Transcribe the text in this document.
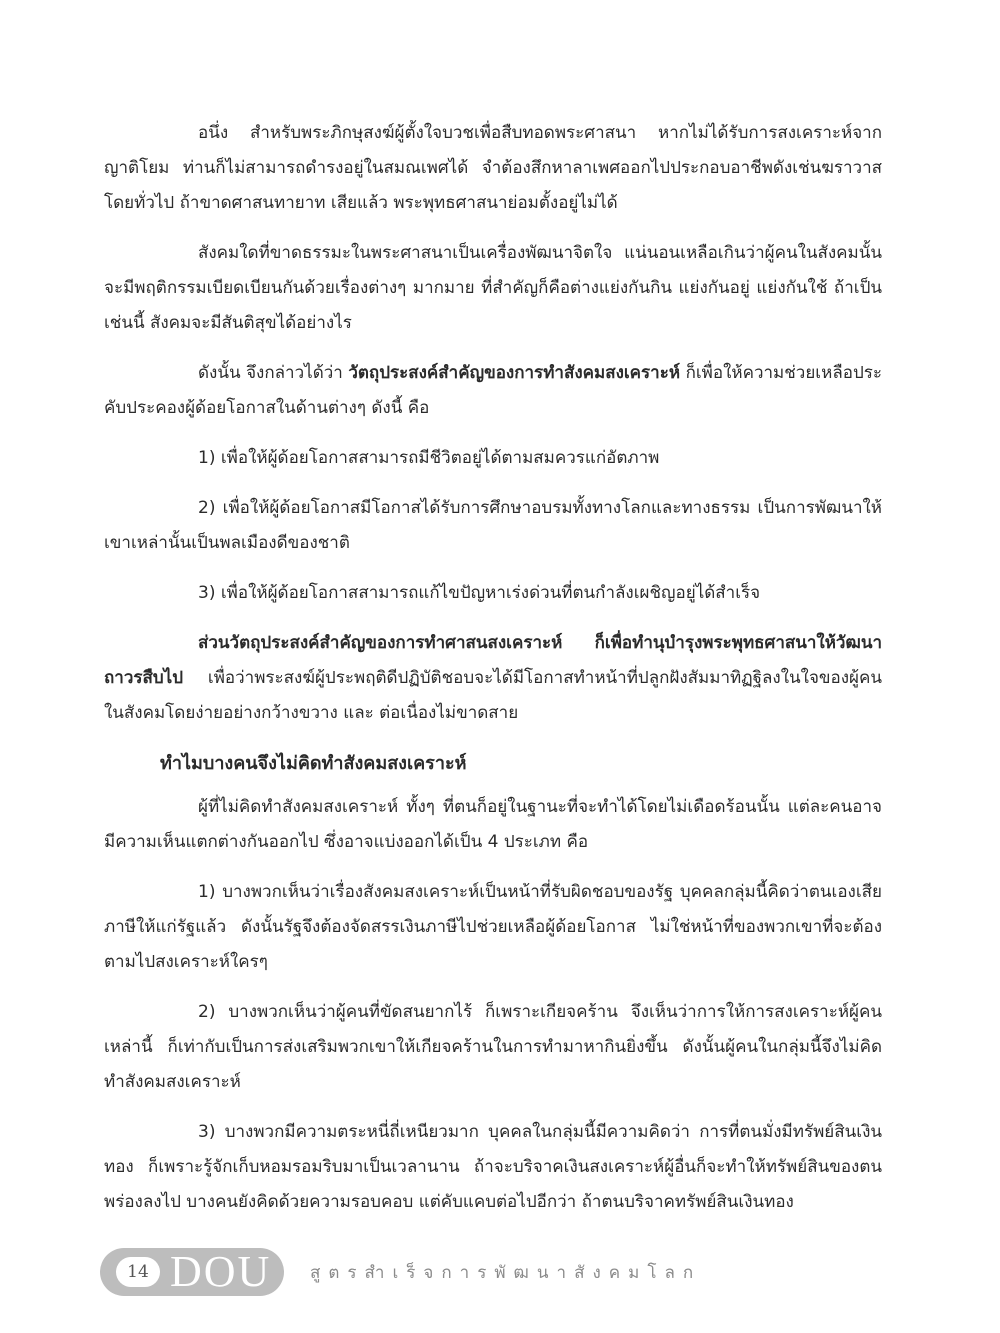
อนึ่ง สำหรับพระภิกษุสงฆ์ผู้ตั้งใจบวชเพื่อสืบทอดพระศาสนา หากไม่ได้รับการสงเคราะห์จากญาติโยม ท่านก็ไม่สามารถดำรงอยู่ในสมณเพศได้ จำต้องสึกหาลาเพศออกไปประกอบอาชีพดังเช่นฆราวาสโดยทั่วไป ถ้าขาดศาสนทายาท เสียแล้ว พระพุทธศาสนาย่อมตั้งอยู่ไม่ได้

สังคมใดที่ขาดธรรมะในพระศาสนาเป็นเครื่องพัฒนาจิตใจ แน่นอนเหลือเกินว่าผู้คนในสังคมนั้นจะมีพฤติกรรมเบียดเบียนกันด้วยเรื่องต่างๆ มากมาย ที่สำคัญก็คือต่างแย่งกันกิน แย่งกันอยู่ แย่งกันใช้ ถ้าเป็นเช่นนี้ สังคมจะมีสันติสุขได้อย่างไร

ดังนั้น จึงกล่าวได้ว่า วัตถุประสงค์สำคัญของการทำสังคมสงเคราะห์ ก็เพื่อให้ความช่วยเหลือประคับประคองผู้ด้อยโอกาสในด้านต่างๆ ดังนี้ คือ

1) เพื่อให้ผู้ด้อยโอกาสสามารถมีชีวิตอยู่ได้ตามสมควรแก่อัตภาพ

2) เพื่อให้ผู้ด้อยโอกาสมีโอกาสได้รับการศึกษาอบรมทั้งทางโลกและทางธรรม เป็นการพัฒนาให้เขาเหล่านั้นเป็นพลเมืองดีของชาติ

3) เพื่อให้ผู้ด้อยโอกาสสามารถแก้ไขปัญหาเร่งด่วนที่ตนกำลังเผชิญอยู่ได้สำเร็จ

ส่วนวัตถุประสงค์สำคัญของการทำศาสนสงเคราะห์ ก็เพื่อทำนุบำรุงพระพุทธศาสนาให้วัฒนาถาวรสืบไป เพื่อว่าพระสงฆ์ผู้ประพฤติดีปฏิบัติชอบจะได้มีโอกาสทำหน้าที่ปลูกฝังสัมมาทิฏฐิลงในใจของผู้คนในสังคมโดยง่ายอย่างกว้างขวาง และ ต่อเนื่องไม่ขาดสาย

ทำไมบางคนจึงไม่คิดทำสังคมสงเคราะห์

ผู้ที่ไม่คิดทำสังคมสงเคราะห์ ทั้งๆ ที่ตนก็อยู่ในฐานะที่จะทำได้โดยไม่เดือดร้อนนั้น แต่ละคนอาจมีความเห็นแตกต่างกันออกไป ซึ่งอาจแบ่งออกได้เป็น 4 ประเภท คือ

1) บางพวกเห็นว่าเรื่องสังคมสงเคราะห์เป็นหน้าที่รับผิดชอบของรัฐ บุคคลกลุ่มนี้คิดว่าตนเองเสียภาษีให้แก่รัฐแล้ว ดังนั้นรัฐจึงต้องจัดสรรเงินภาษีไปช่วยเหลือผู้ด้อยโอกาส ไม่ใช่หน้าที่ของพวกเขาที่จะต้องตามไปสงเคราะห์ใครๆ

2) บางพวกเห็นว่าผู้คนที่ขัดสนยากไร้ ก็เพราะเกียจคร้าน จึงเห็นว่าการให้การสงเคราะห์ผู้คนเหล่านี้ ก็เท่ากับเป็นการส่งเสริมพวกเขาให้เกียจคร้านในการทำมาหากินยิ่งขึ้น ดังนั้นผู้คนในกลุ่มนี้จึงไม่คิดทำสังคมสงเคราะห์

3) บางพวกมีความตระหนี่ถี่เหนียวมาก บุคคลในกลุ่มนี้มีความคิดว่า การที่ตนมั่งมีทรัพย์สินเงินทอง ก็เพราะรู้จักเก็บหอมรอมริบมาเป็นเวลานาน ถ้าจะบริจาคเงินสงเคราะห์ผู้อื่นก็จะทำให้ทรัพย์สินของตนพร่องลงไป บางคนยังคิดด้วยความรอบคอบ แต่คับแคบต่อไปอีกว่า ถ้าตนบริจาคทรัพย์สินเงินทอง

14 DOU สูตรสำเร็จการพัฒนาสังคมโลก
